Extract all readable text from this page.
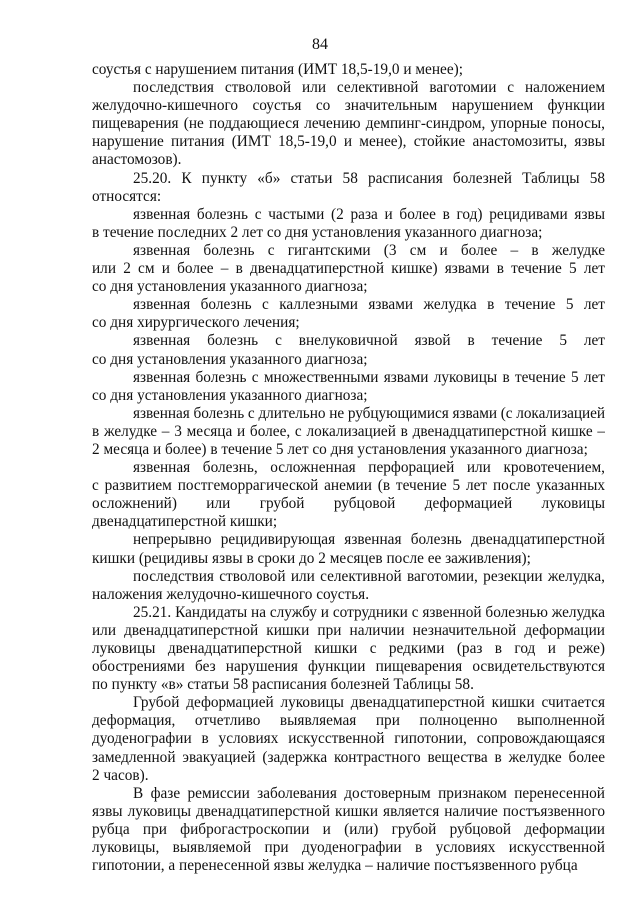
84
соустья с нарушением питания (ИМТ 18,5-19,0 и менее);
последствия стволовой или селективной ваготомии с наложением
желудочно-кишечного соустья со значительным нарушением функции
пищеварения (не поддающиеся лечению демпинг-синдром, упорные поносы,
нарушение питания (ИМТ 18,5-19,0 и менее), стойкие анастомозиты, язвы
анастомозов).
25.20. К пункту «б» статьи 58 расписания болезней Таблицы 58
относятся:
язвенная болезнь с частыми (2 раза и более в год) рецидивами язвы
в течение последних 2 лет со дня установления указанного диагноза;
язвенная болезнь с гигантскими (3 см и более – в желудке
или 2 см и более – в двенадцатиперстной кишке) язвами в течение 5 лет
со дня установления указанного диагноза;
язвенная болезнь с каллезными язвами желудка в течение 5 лет
со дня хирургического лечения;
язвенная болезнь с внелуковичной язвой в течение 5 лет
со дня установления указанного диагноза;
язвенная болезнь с множественными язвами луковицы в течение 5 лет
со дня установления указанного диагноза;
язвенная болезнь с длительно не рубцующимися язвами (с локализацией
в желудке – 3 месяца и более, с локализацией в двенадцатиперстной кишке –
2 месяца и более) в течение 5 лет со дня установления указанного диагноза;
язвенная болезнь, осложненная перфорацией или кровотечением,
с развитием постгеморрагической анемии (в течение 5 лет после указанных
осложнений) или грубой рубцовой деформацией луковицы
двенадцатиперстной кишки;
непрерывно рецидивирующая язвенная болезнь двенадцатиперстной
кишки (рецидивы язвы в сроки до 2 месяцев после ее заживления);
последствия стволовой или селективной ваготомии, резекции желудка,
наложения желудочно-кишечного соустья.
25.21. Кандидаты на службу и сотрудники с язвенной болезнью желудка
или двенадцатиперстной кишки при наличии незначительной деформации
луковицы двенадцатиперстной кишки с редкими (раз в год и реже)
обострениями без нарушения функции пищеварения освидетельствуются
по пункту «в» статьи 58 расписания болезней Таблицы 58.
Грубой деформацией луковицы двенадцатиперстной кишки считается
деформация, отчетливо выявляемая при полноценно выполненной
дуоденографии в условиях искусственной гипотонии, сопровождающаяся
замедленной эвакуацией (задержка контрастного вещества в желудке более
2 часов).
В фазе ремиссии заболевания достоверным признаком перенесенной
язвы луковицы двенадцатиперстной кишки является наличие постъязвенного
рубца при фиброгастроскопии и (или) грубой рубцовой деформации
луковицы, выявляемой при дуоденографии в условиях искусственной
гипотонии, а перенесенной язвы желудка – наличие постъязвенного рубца
